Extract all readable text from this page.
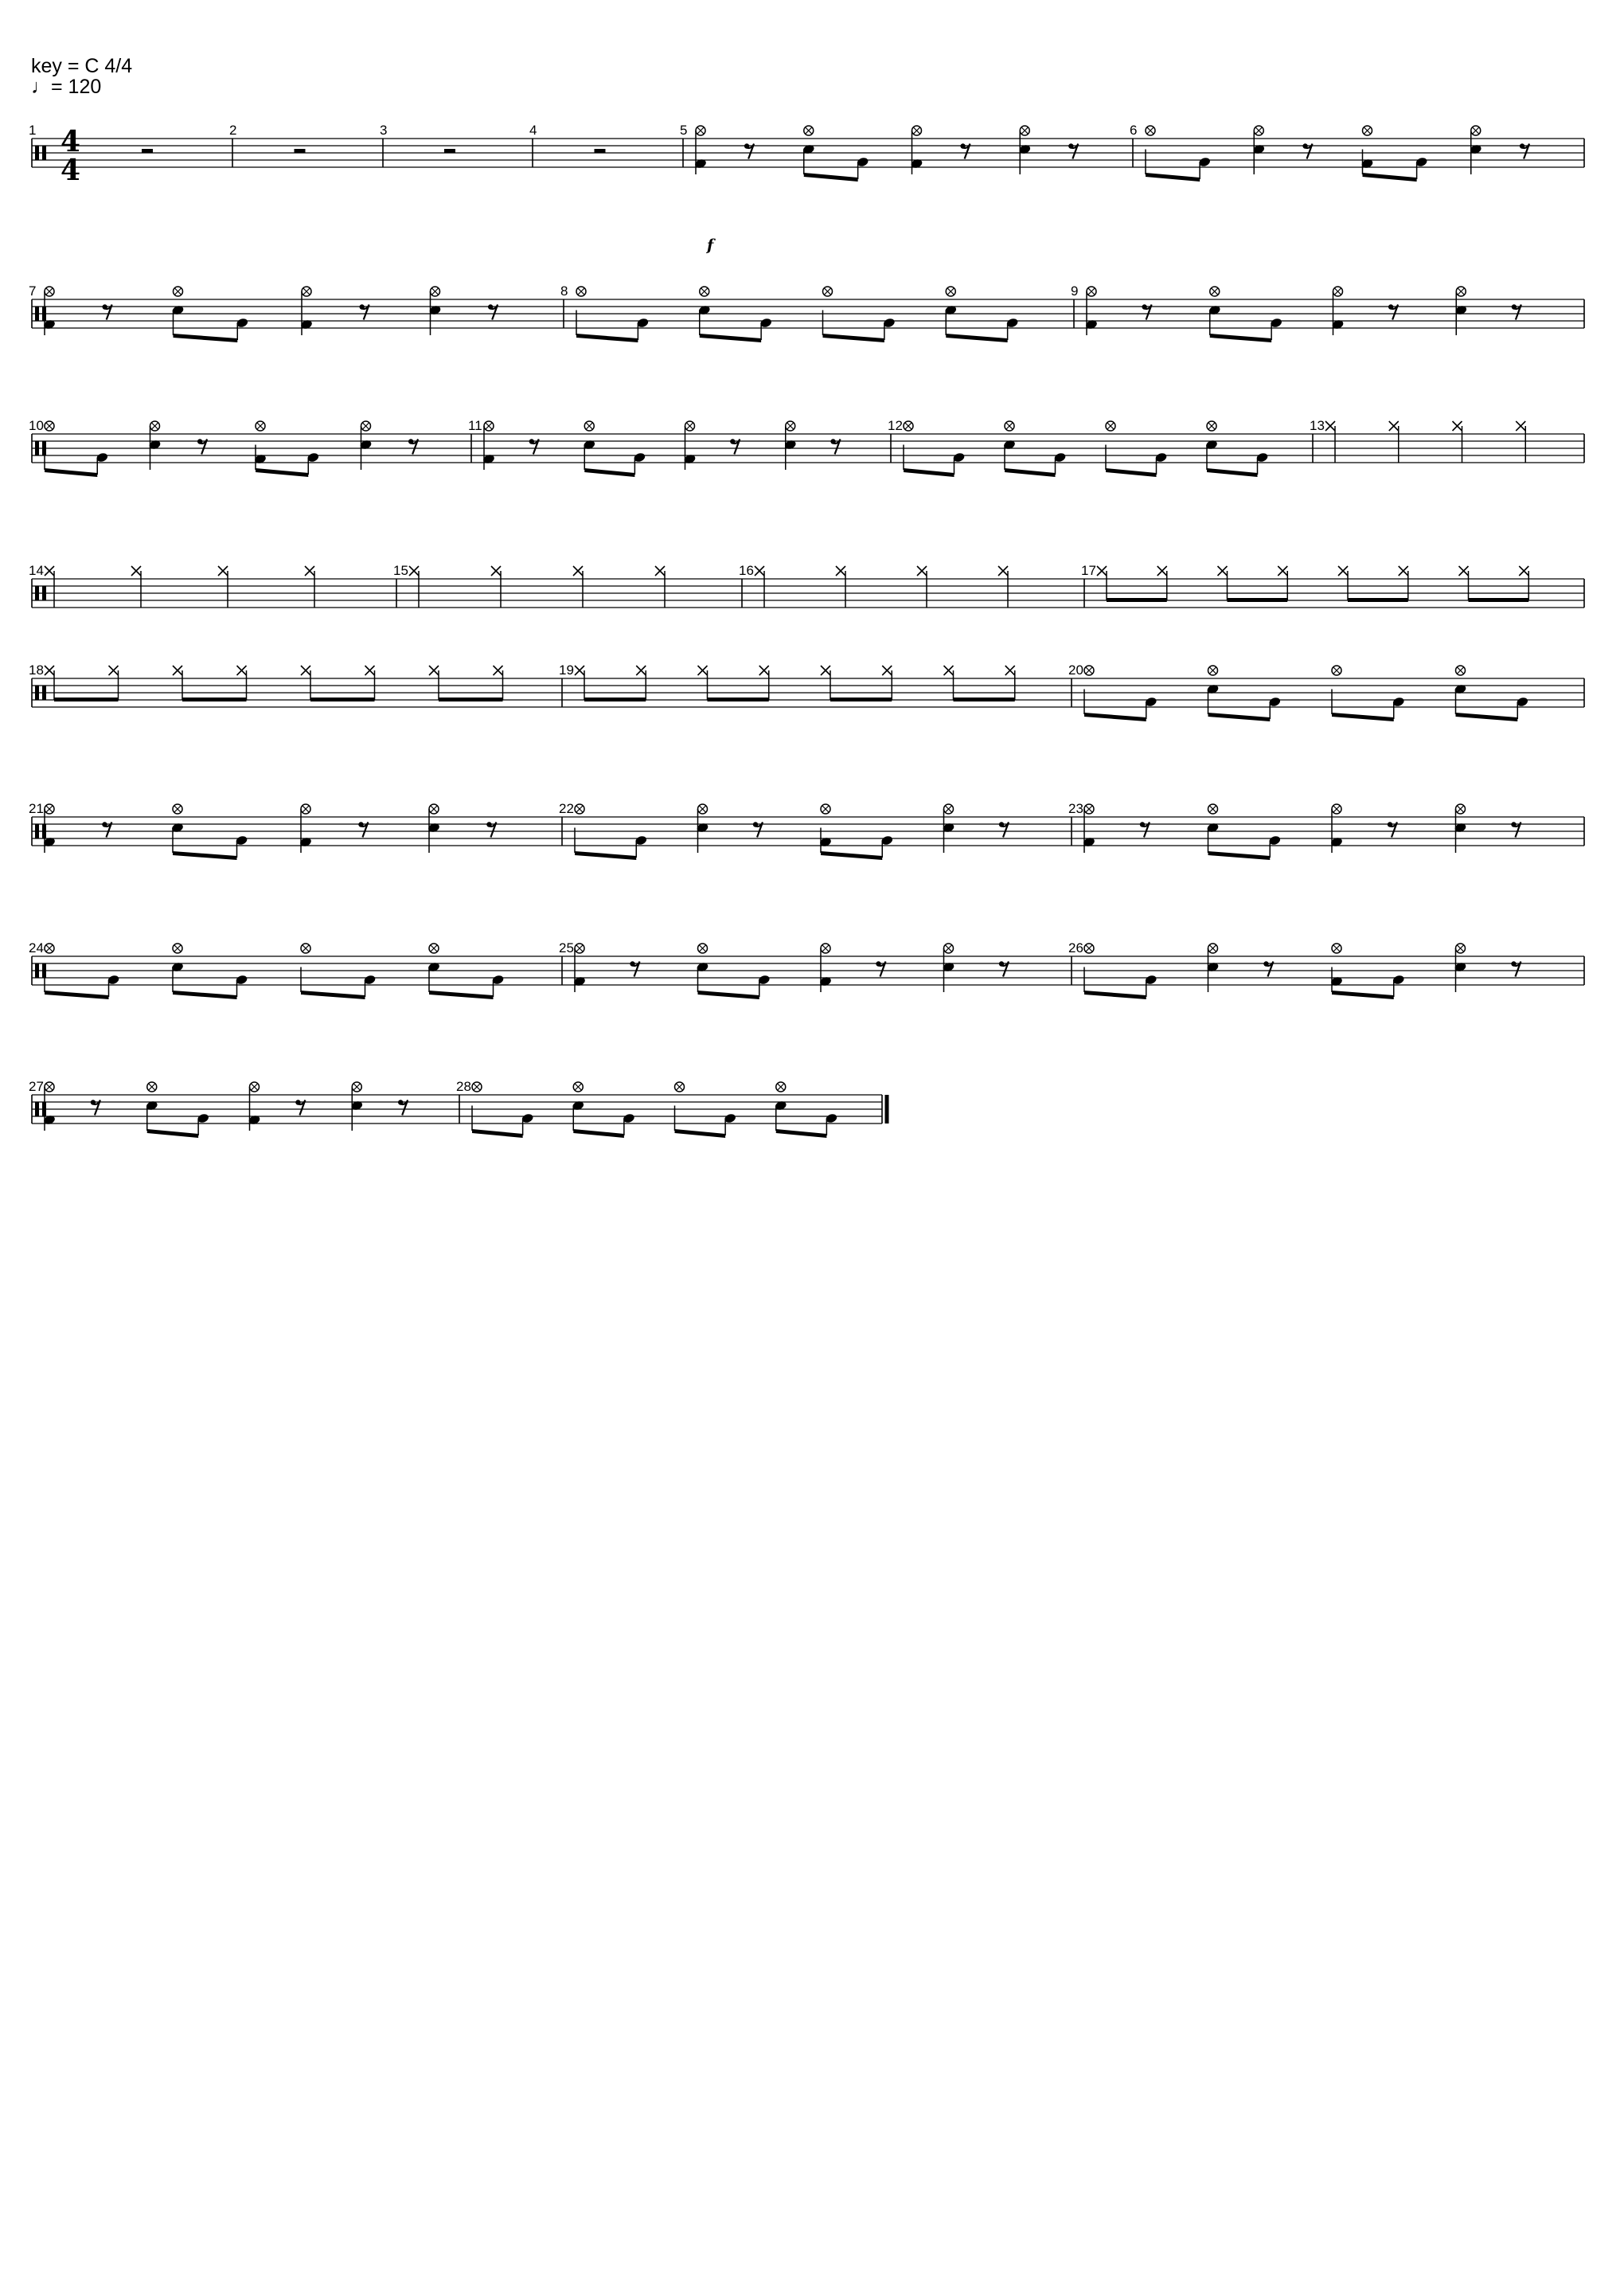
key = C 4/4
♩= 120
4
4
1	2	3	4	5
f
6
7	8	9
10	11	12	13
14	15	16	17
18	19	20
21	22	23
24	25	26
27	28
